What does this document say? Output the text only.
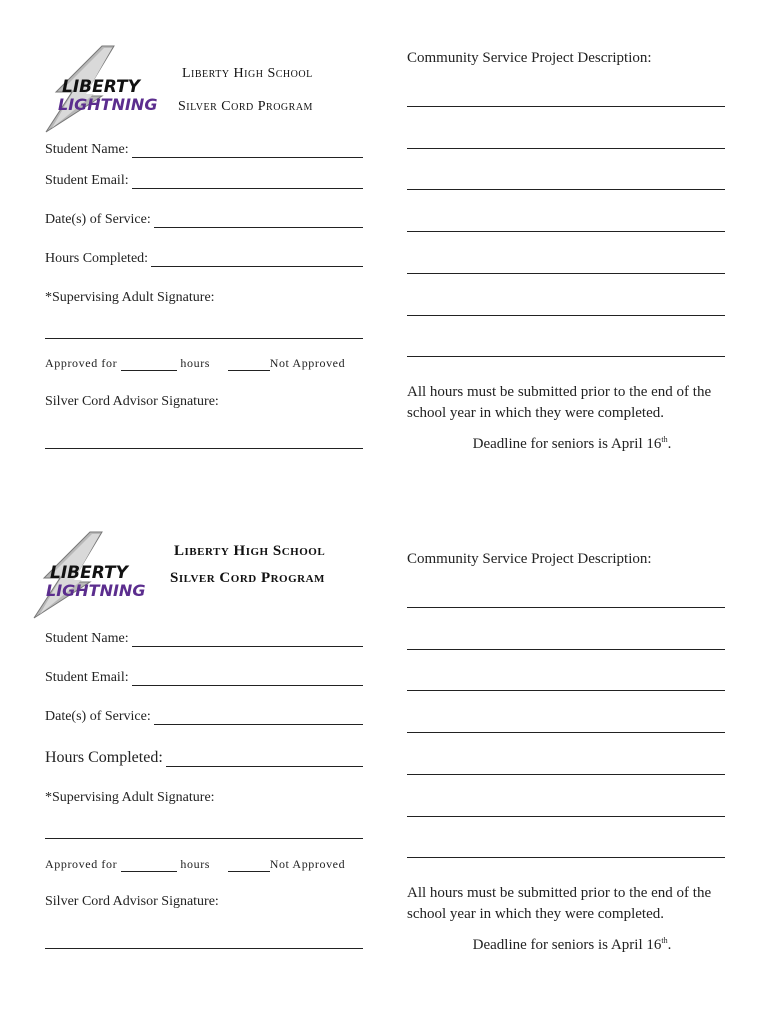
LIBERTY
LIGHTNING
Liberty High School
Silver Cord Program
Student Name:
Student Email:
Date(s) of Service:
Hours Completed:
*Supervising Adult Signature:
Approved for	hours	Not Approved
Silver Cord Advisor Signature:
Community Service Project Description:
All hours must be submitted prior to the end of the school year in which they were completed.
Deadline for seniors is April 16th.
LIBERTY
LIGHTNING
Liberty High School
Silver Cord Program
Student Name:
Student Email:
Date(s) of Service:
Hours Completed:
*Supervising Adult Signature:
Approved for	hours	Not Approved
Silver Cord Advisor Signature:
Community Service Project Description:
All hours must be submitted prior to the end of the school year in which they were completed.
Deadline for seniors is April 16th.
